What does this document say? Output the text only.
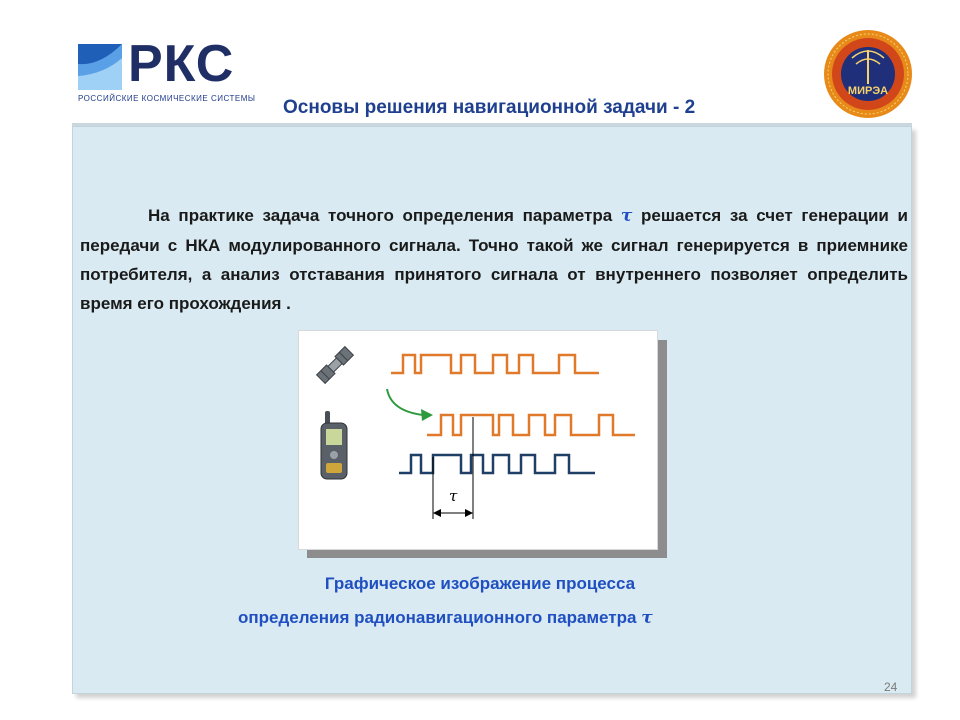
РКС
РОССИЙСКИЕ КОСМИЧЕСКИЕ СИСТЕМЫ Основы решения навигационной задачи - 2
МИРЭА
На практике задача точного определения параметра τ решается за счет генерации и передачи с НКА модулированного сигнала. Точно такой же сигнал генерируется в приемнике потребителя, а анализ отставания принятого сигнала от внутреннего позволяет определить время его прохождения .
τ
Графическое изображение процесса
определения радионавигационного параметра τ
24
